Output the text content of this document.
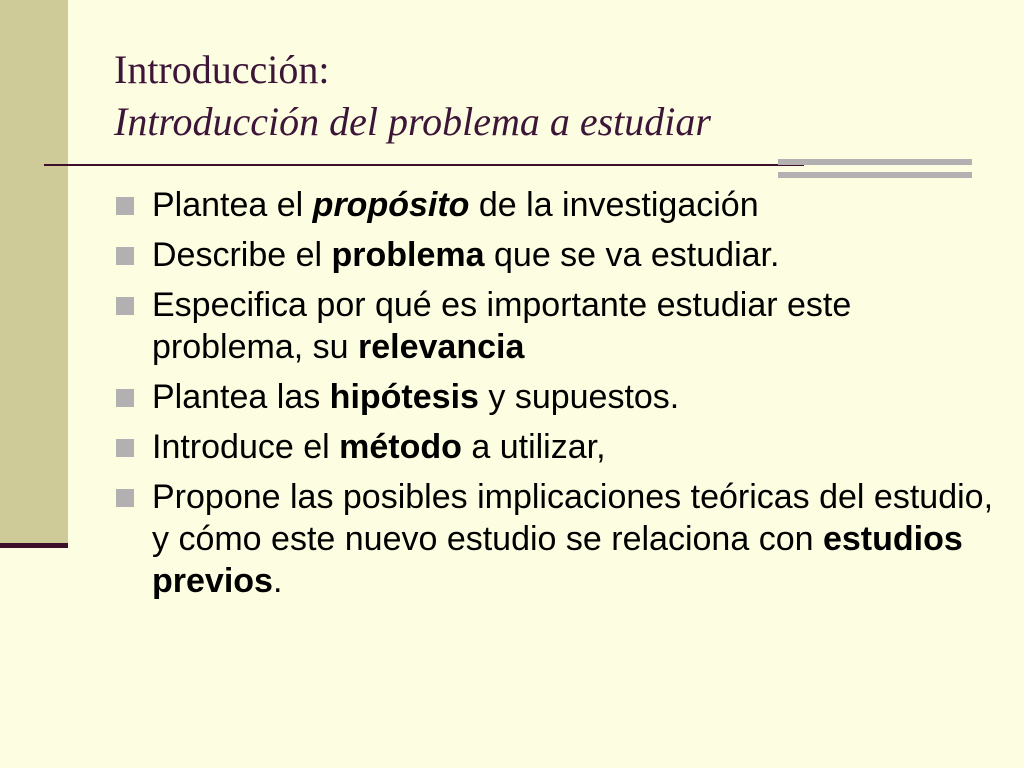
Introducción:
Introducción del problema a estudiar
Plantea el propósito de la investigación
Describe el problema que se va estudiar.
Especifica por qué es importante estudiar este problema, su relevancia
Plantea las hipótesis y supuestos.
Introduce el método a utilizar,
Propone las posibles implicaciones teóricas del estudio, y cómo este nuevo estudio se relaciona con estudios previos.
